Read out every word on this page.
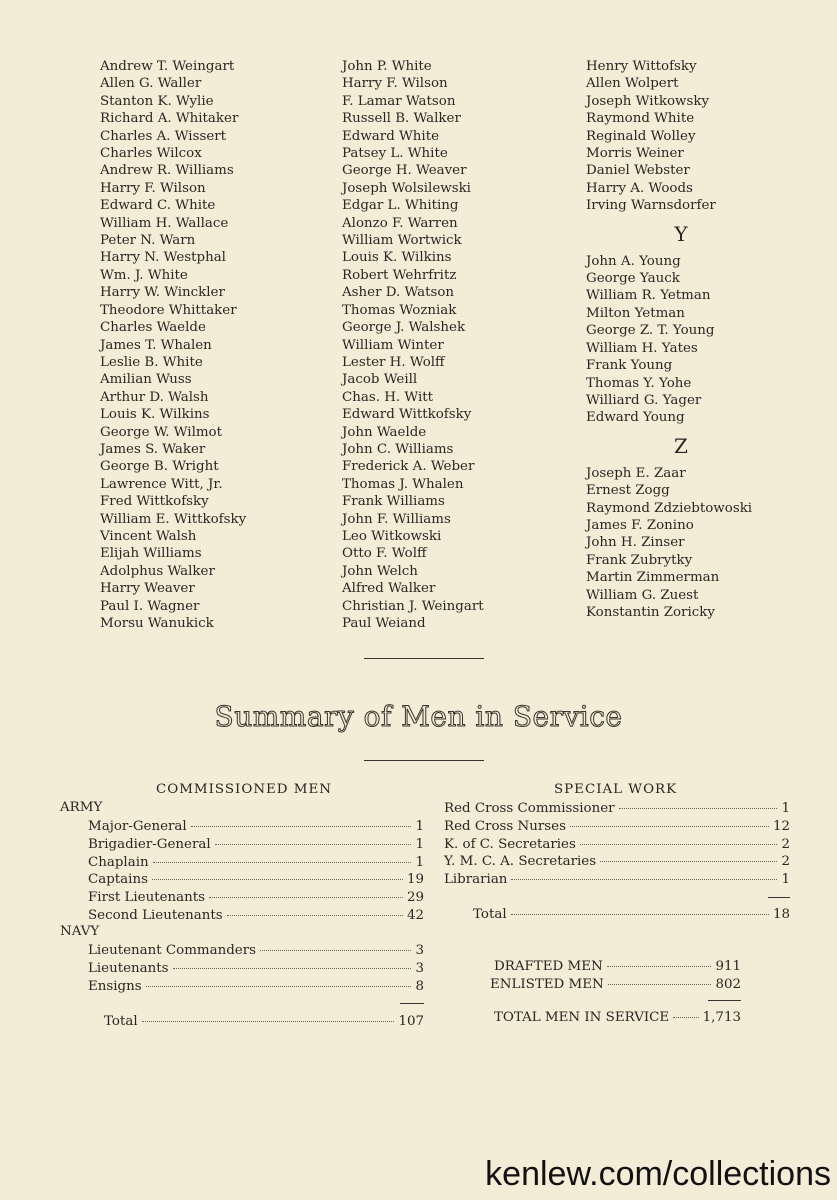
Andrew T. Weingart
Allen G. Waller
Stanton K. Wylie
Richard A. Whitaker
Charles A. Wissert
Charles Wilcox
Andrew R. Williams
Harry F. Wilson
Edward C. White
William H. Wallace
Peter N. Warn
Harry N. Westphal
Wm. J. White
Harry W. Winckler
Theodore Whittaker
Charles Waelde
James T. Whalen
Leslie B. White
Amilian Wuss
Arthur D. Walsh
Louis K. Wilkins
George W. Wilmot
James S. Waker
George B. Wright
Lawrence Witt, Jr.
Fred Wittkofsky
William E. Wittkofsky
Vincent Walsh
Elijah Williams
Adolphus Walker
Harry Weaver
Paul I. Wagner
Morsu Wanukick
John P. White
Harry F. Wilson
F. Lamar Watson
Russell B. Walker
Edward White
Patsey L. White
George H. Weaver
Joseph Wolsilewski
Edgar L. Whiting
Alonzo F. Warren
William Wortwick
Louis K. Wilkins
Robert Wehrfritz
Asher D. Watson
Thomas Wozniak
George J. Walshek
William Winter
Lester H. Wolff
Jacob Weill
Chas. H. Witt
Edward Wittkofsky
John Waelde
John C. Williams
Frederick A. Weber
Thomas J. Whalen
Frank Williams
John F. Williams
Leo Witkowski
Otto F. Wolff
John Welch
Alfred Walker
Christian J. Weingart
Paul Weiand
Henry Wittofsky
Allen Wolpert
Joseph Witkowsky
Raymond White
Reginald Wolley
Morris Weiner
Daniel Webster
Harry A. Woods
Irving Warnsdorfer
Y
John A. Young
George Yauck
William R. Yetman
Milton Yetman
George Z. T. Young
William H. Yates
Frank Young
Thomas Y. Yohe
Williard G. Yager
Edward Young
Z
Joseph E. Zaar
Ernest Zogg
Raymond Zdziebtowoski
James F. Zonino
John H. Zinser
Frank Zubrytky
Martin Zimmerman
William G. Zuest
Konstantin Zoricky
Summary of Men in Service
COMMISSIONED MEN
ARMY
Major-General	1
Brigadier-General	1
Chaplain	1
Captains	19
First Lieutenants	29
Second Lieutenants	42
NAVY
Lieutenant Commanders	3
Lieutenants	3
Ensigns	8
Total	107
SPECIAL WORK
Red Cross Commissioner	1
Red Cross Nurses	12
K. of C. Secretaries	2
Y. M. C. A. Secretaries	2
Librarian	1
Total	18
DRAFTED MEN	911
ENLISTED MEN	802
TOTAL MEN IN SERVICE 1,713
kenlew.com/collections
